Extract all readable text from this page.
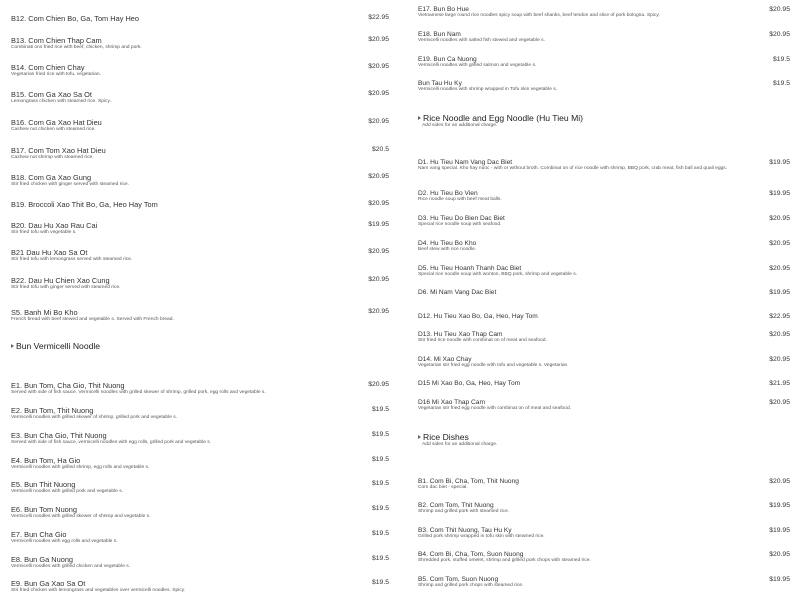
B12. Com Chien Bo, Ga, Tom Hay Heo	$22.95
B13. Com Chien Thap Cam	$20.95
Combinati ons fried rice with beef, chicken, shrimp and pork.
B14. Com Chien Chay	$20.95
Vegetarian fried rice with tofu, vegetarian.
B15. Com Ga Xao Sa Ot	$20.95
Lemongrass chicken with steamed rice. Spicy.
B16. Com Ga Xao Hat Dieu	$20.95
Cashew nut chicken with steamed rice.
B17. Com Tom Xao Hat Dieu	$20.5
Cashew nut shrimp with steamed rice.
B18. Com Ga Xao Gung	$20.95
Stir fried chicken with ginger served with steamed rice.
B19. Broccoli Xao Thit Bo, Ga, Heo Hay Tom	$20.95
B20. Dau Hu Xao Rau Cai	$19.95
Stir fried tofu with vegetable s.
B21 Dau Hu Xao Sa Ot	$20.95
Stir fried tofu with lemongrass served with steamed rice.
B22. Dau Hu Chien Xao Cung	$20.95
Stir fried tofu with ginger served with steamed rice.
S5. Banh Mi Bo Kho	$20.95
French bread with beef stewed and vegetable s. Served with French bread.
E1. Bun Tom, Cha Gio, Thit Nuong	$20.95
Served with side of fish sauce. Vermicelli noodles with grilled skewer of shrimp, grilled pork, egg rolls and vegetable s.
E2. Bun Tom, Thit Nuong	$19.5
Vermicelli noodles with grilled skewer of shrimp, grilled pork and vegetable s.
E3. Bun Cha Gio, Thit Nuong	$19.5
Served with side of fish sauce, vermicelli noodles with egg rolls, grilled pork and vegetable s.
E4. Bun Tom, Ha Gio	$19.5
Vermicelli noodles with grilled shrimp, egg rolls and vegetable s.
E5. Bun Thit Nuong	$19.5
Vermicelli noodles with grilled pork and vegetable s.
E6. Bun Tom Nuong	$19.5
Vermicelli noodles with grilled skewer of shrimp and vegetable s.
E7. Bun Cha Gio	$19.5
Vermicelli noodles with egg rolls and vegetable s.
E8. Bun Ga Nuong	$19.5
Vermicelli noodles with grilled chicken and vegetable s.
E9. Bun Ga Xao Sa Ot	$19.5
Stir fried chicken with lemongrass and vegetables over vermicelli noodles. Spicy.
Bun Vermicelli Noodle
E17. Bun Bo Hue	$20.95
Vietnamese large round rice noodles spicy soup with beef shanks, beef tendon and slice of pork bologna. Spicy.
E18. Bun Nam	$20.95
Vermicelli noodles with salted fish stewed and vegetable s.
E19. Bun Ca Nuong	$19.5
Vermicelli noodles with grilled salmon and vegetable s.
Bun Tau Hu Ky	$19.5
Vermicelli noodles with shrimp wrapped in Tofu skin vegetable s.
Rice Noodle and Egg Noodle (Hu Tieu Mi)
Add sides for an additional charge.
D1. Hu Tieu Nam Vang Dac Biet	$19.95
Nam vang special. Kho hay nuoc - with or without broth. Combinat on of rice noodle with shrimp, BBQ pork, crab meat, fish ball and quail eggs.
D2. Hu Tieu Bo Vien	$19.95
Rice noodle soup with beef meat balls.
D3. Hu Tieu Do Bien Dac Biet	$20.95
Special rice noodle soup with seafood.
D4. Hu Tieu Bo Kho	$20.95
Beef stew with rice noodle.
D5. Hu Tieu Hoanh Thanh Dac Biet	$20.95
Special rice noodle soup with wonton, BBQ pork, shrimp and vegetable s.
D6. Mi Nam Vang Dac Biet	$19.95
D12. Hu Tieu Xao Bo, Ga, Heo, Hay Tom	$22.95
D13. Hu Tieu Xao Thap Cam	$20.95
Stir fried rice noodle with combinat on of meat and seafood.
D14. Mi Xao Chay	$20.95
Vegetarian stir fried egg noodle with tofu and vegetable s. Vegetarian.
D15 Mi Xao Bo, Ga, Heo, Hay Tom	$21.95
D16 Mi Xao Thap Cam	$20.95
Vegetarian stir fried egg noodle with combinat on of meat and seafood.
Rice Dishes
Add sides for an additional charge.
B1. Com Bi, Cha, Tom, Thit Nuong	$20.95
Com dac biet - special.
B2. Com Tom, Thit Nuong	$19.95
Shrimp and grilled pork with steamed rice.
B3. Com Thit Nuong, Tau Hu Ky	$19.95
Grilled pork shrimp wrapped in tofu skin with steamed rice.
B4. Com Bi, Cha, Tom, Suon Nuong	$20.95
Shredded pork, stuffed omelet, shrimp and grilled pork chops with steamed rice.
B5. Com Tom, Suon Nuong	$19.95
Shrimp and grilled pork chops with steamed rice.
